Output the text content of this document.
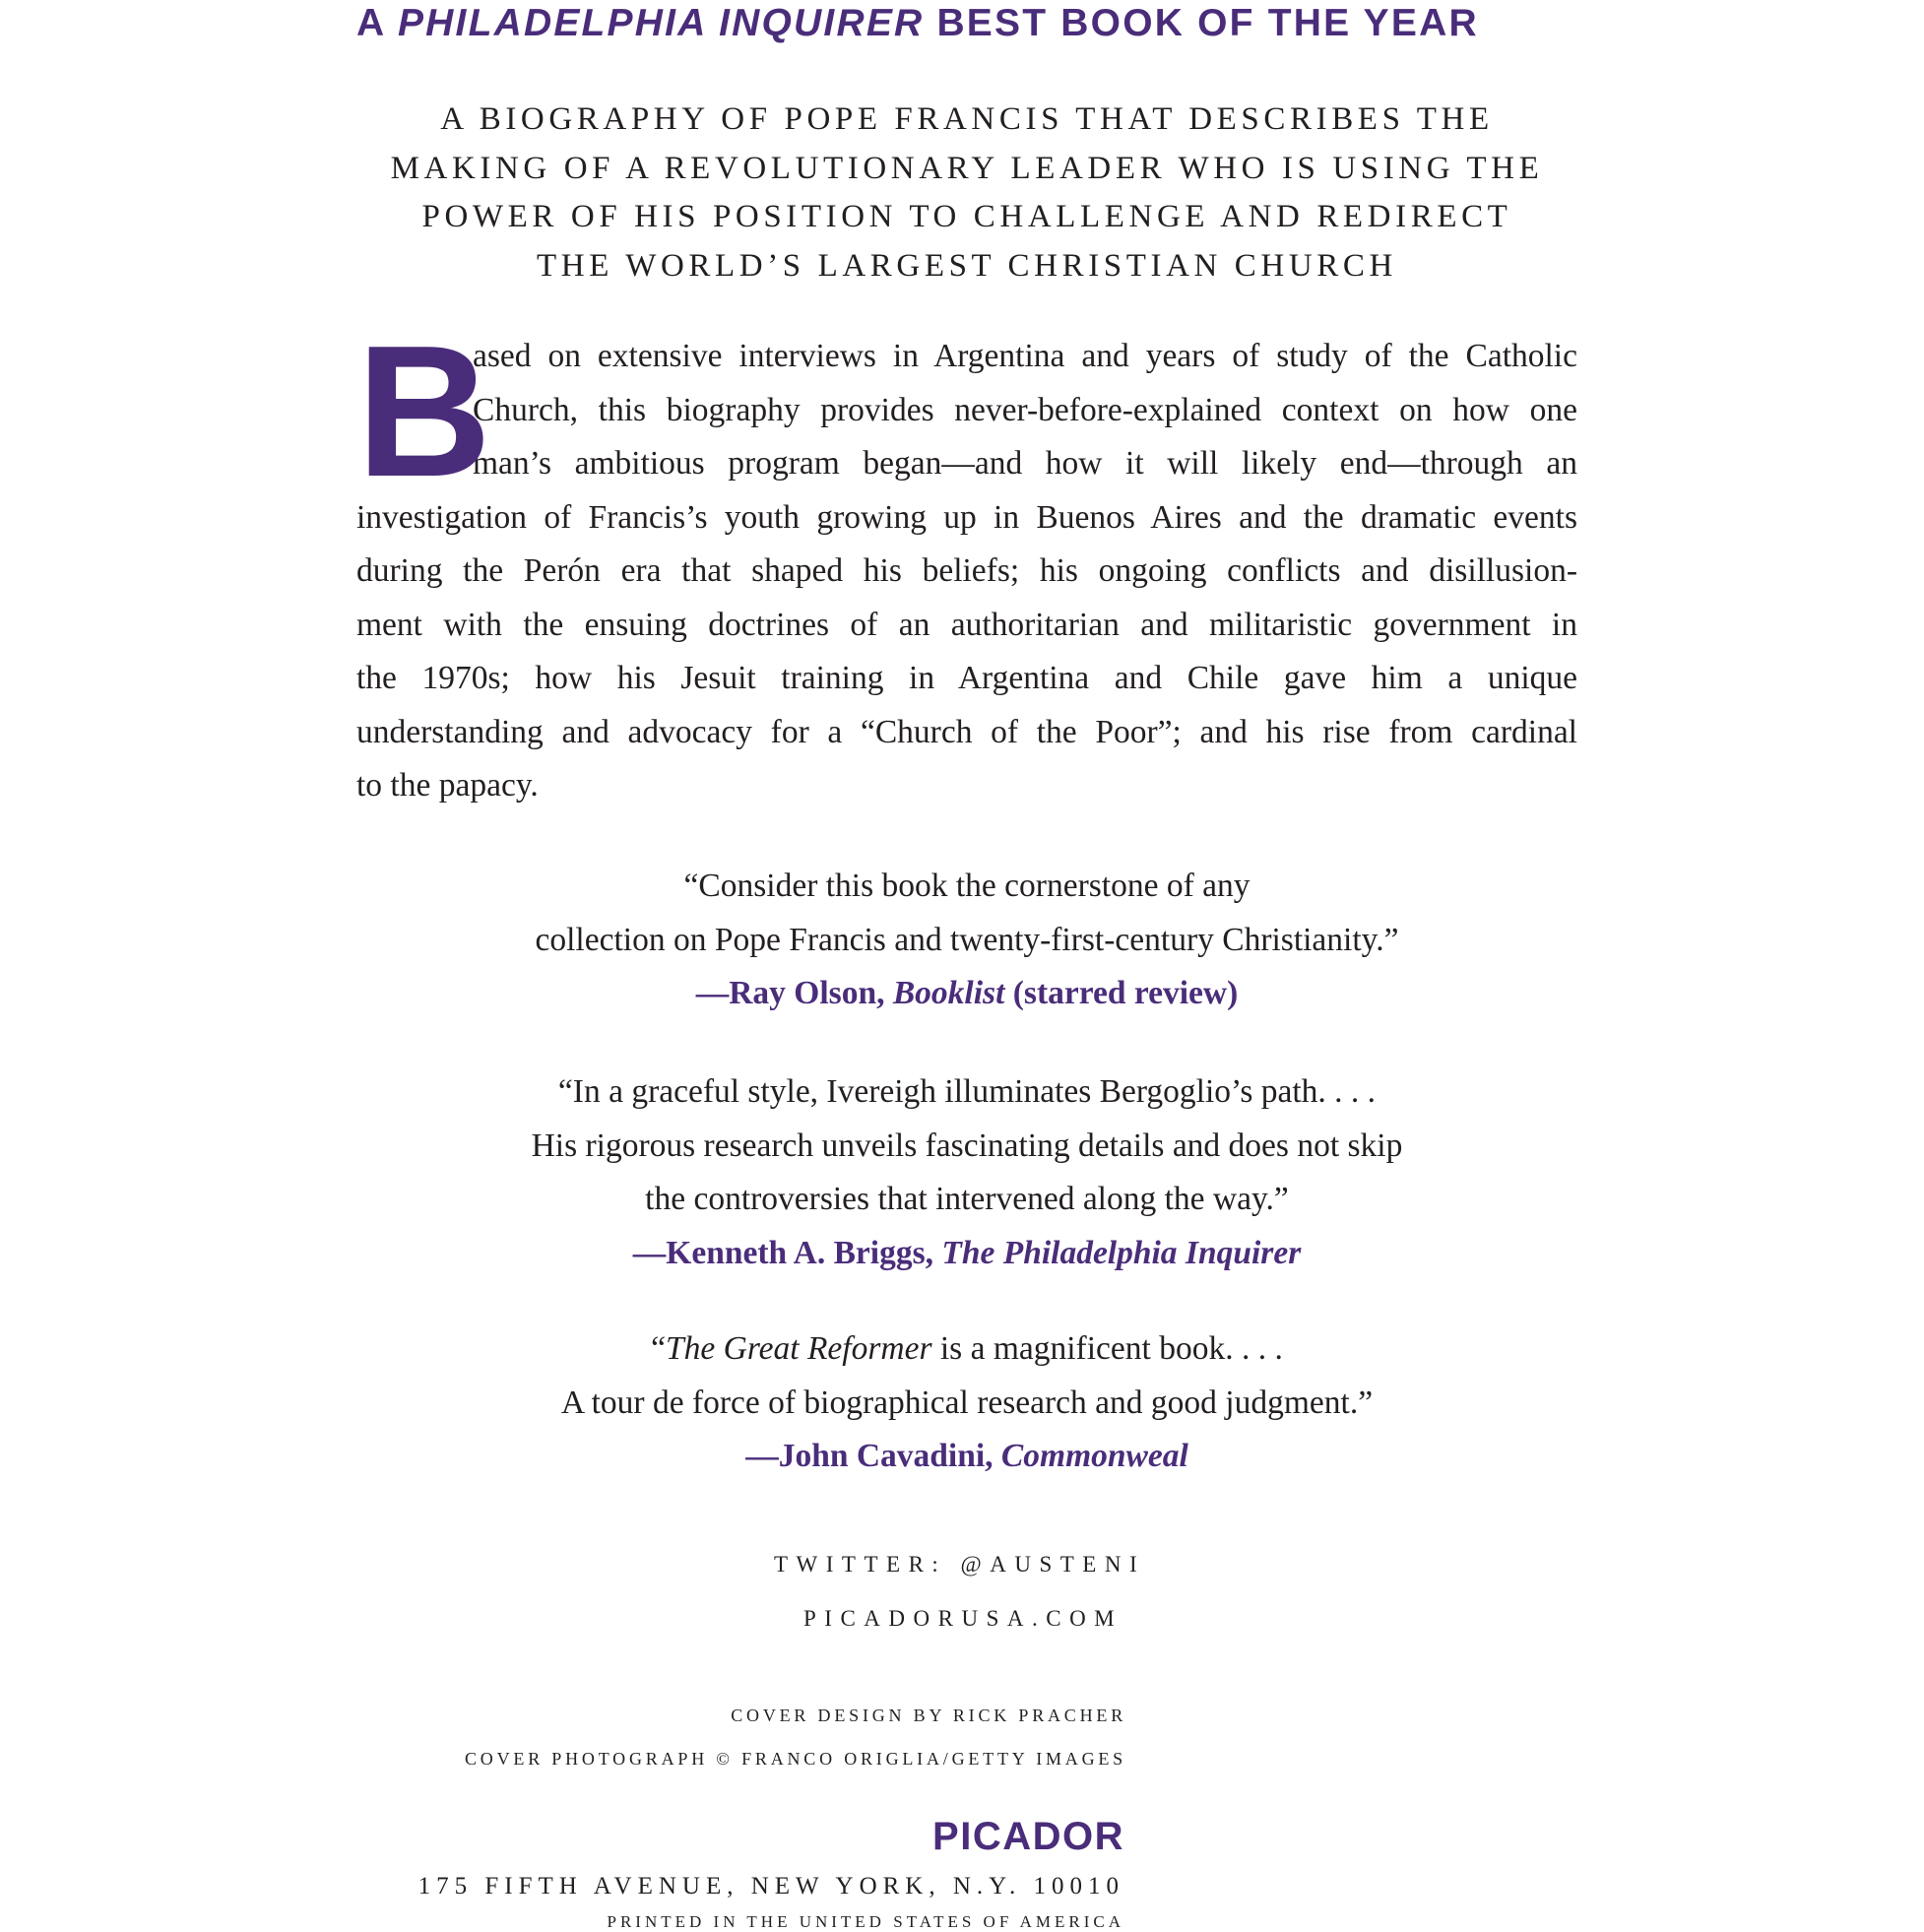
A PHILADELPHIA INQUIRER BEST BOOK OF THE YEAR
A BIOGRAPHY OF POPE FRANCIS THAT DESCRIBES THE
MAKING OF A REVOLUTIONARY LEADER WHO IS USING THE
POWER OF HIS POSITION TO CHALLENGE AND REDIRECT
THE WORLD’S LARGEST CHRISTIAN CHURCH
B
ased on extensive interviews in Argentina and years of study of the Catholic
Church, this biography provides never-before-explained context on how one
man’s ambitious program began—and how it will likely end—through an
investigation of Francis’s youth growing up in Buenos Aires and the dramatic events
during the Perón era that shaped his beliefs; his ongoing conflicts and disillusion-
ment with the ensuing doctrines of an authoritarian and militaristic government in
the 1970s; how his Jesuit training in Argentina and Chile gave him a unique
understanding and advocacy for a “Church of the Poor”; and his rise from cardinal
to the papacy.
“Consider this book the cornerstone of any
collection on Pope Francis and twenty-first-century Christianity.”
—Ray Olson, Booklist (starred review)
“In a graceful style, Ivereigh illuminates Bergoglio’s path. . . .
His rigorous research unveils fascinating details and does not skip
the controversies that intervened along the way.”
—Kenneth A. Briggs, The Philadelphia Inquirer
“The Great Reformer is a magnificent book. . . .
A tour de force of biographical research and good judgment.”
—John Cavadini, Commonweal
TWITTER: @AUSTENI
PICADORUSA.COM
COVER DESIGN BY RICK PRACHER
COVER PHOTOGRAPH © FRANCO ORIGLIA/GETTY IMAGES
PICADOR
175 FIFTH AVENUE, NEW YORK, N.Y. 10010
PRINTED IN THE UNITED STATES OF AMERICA
